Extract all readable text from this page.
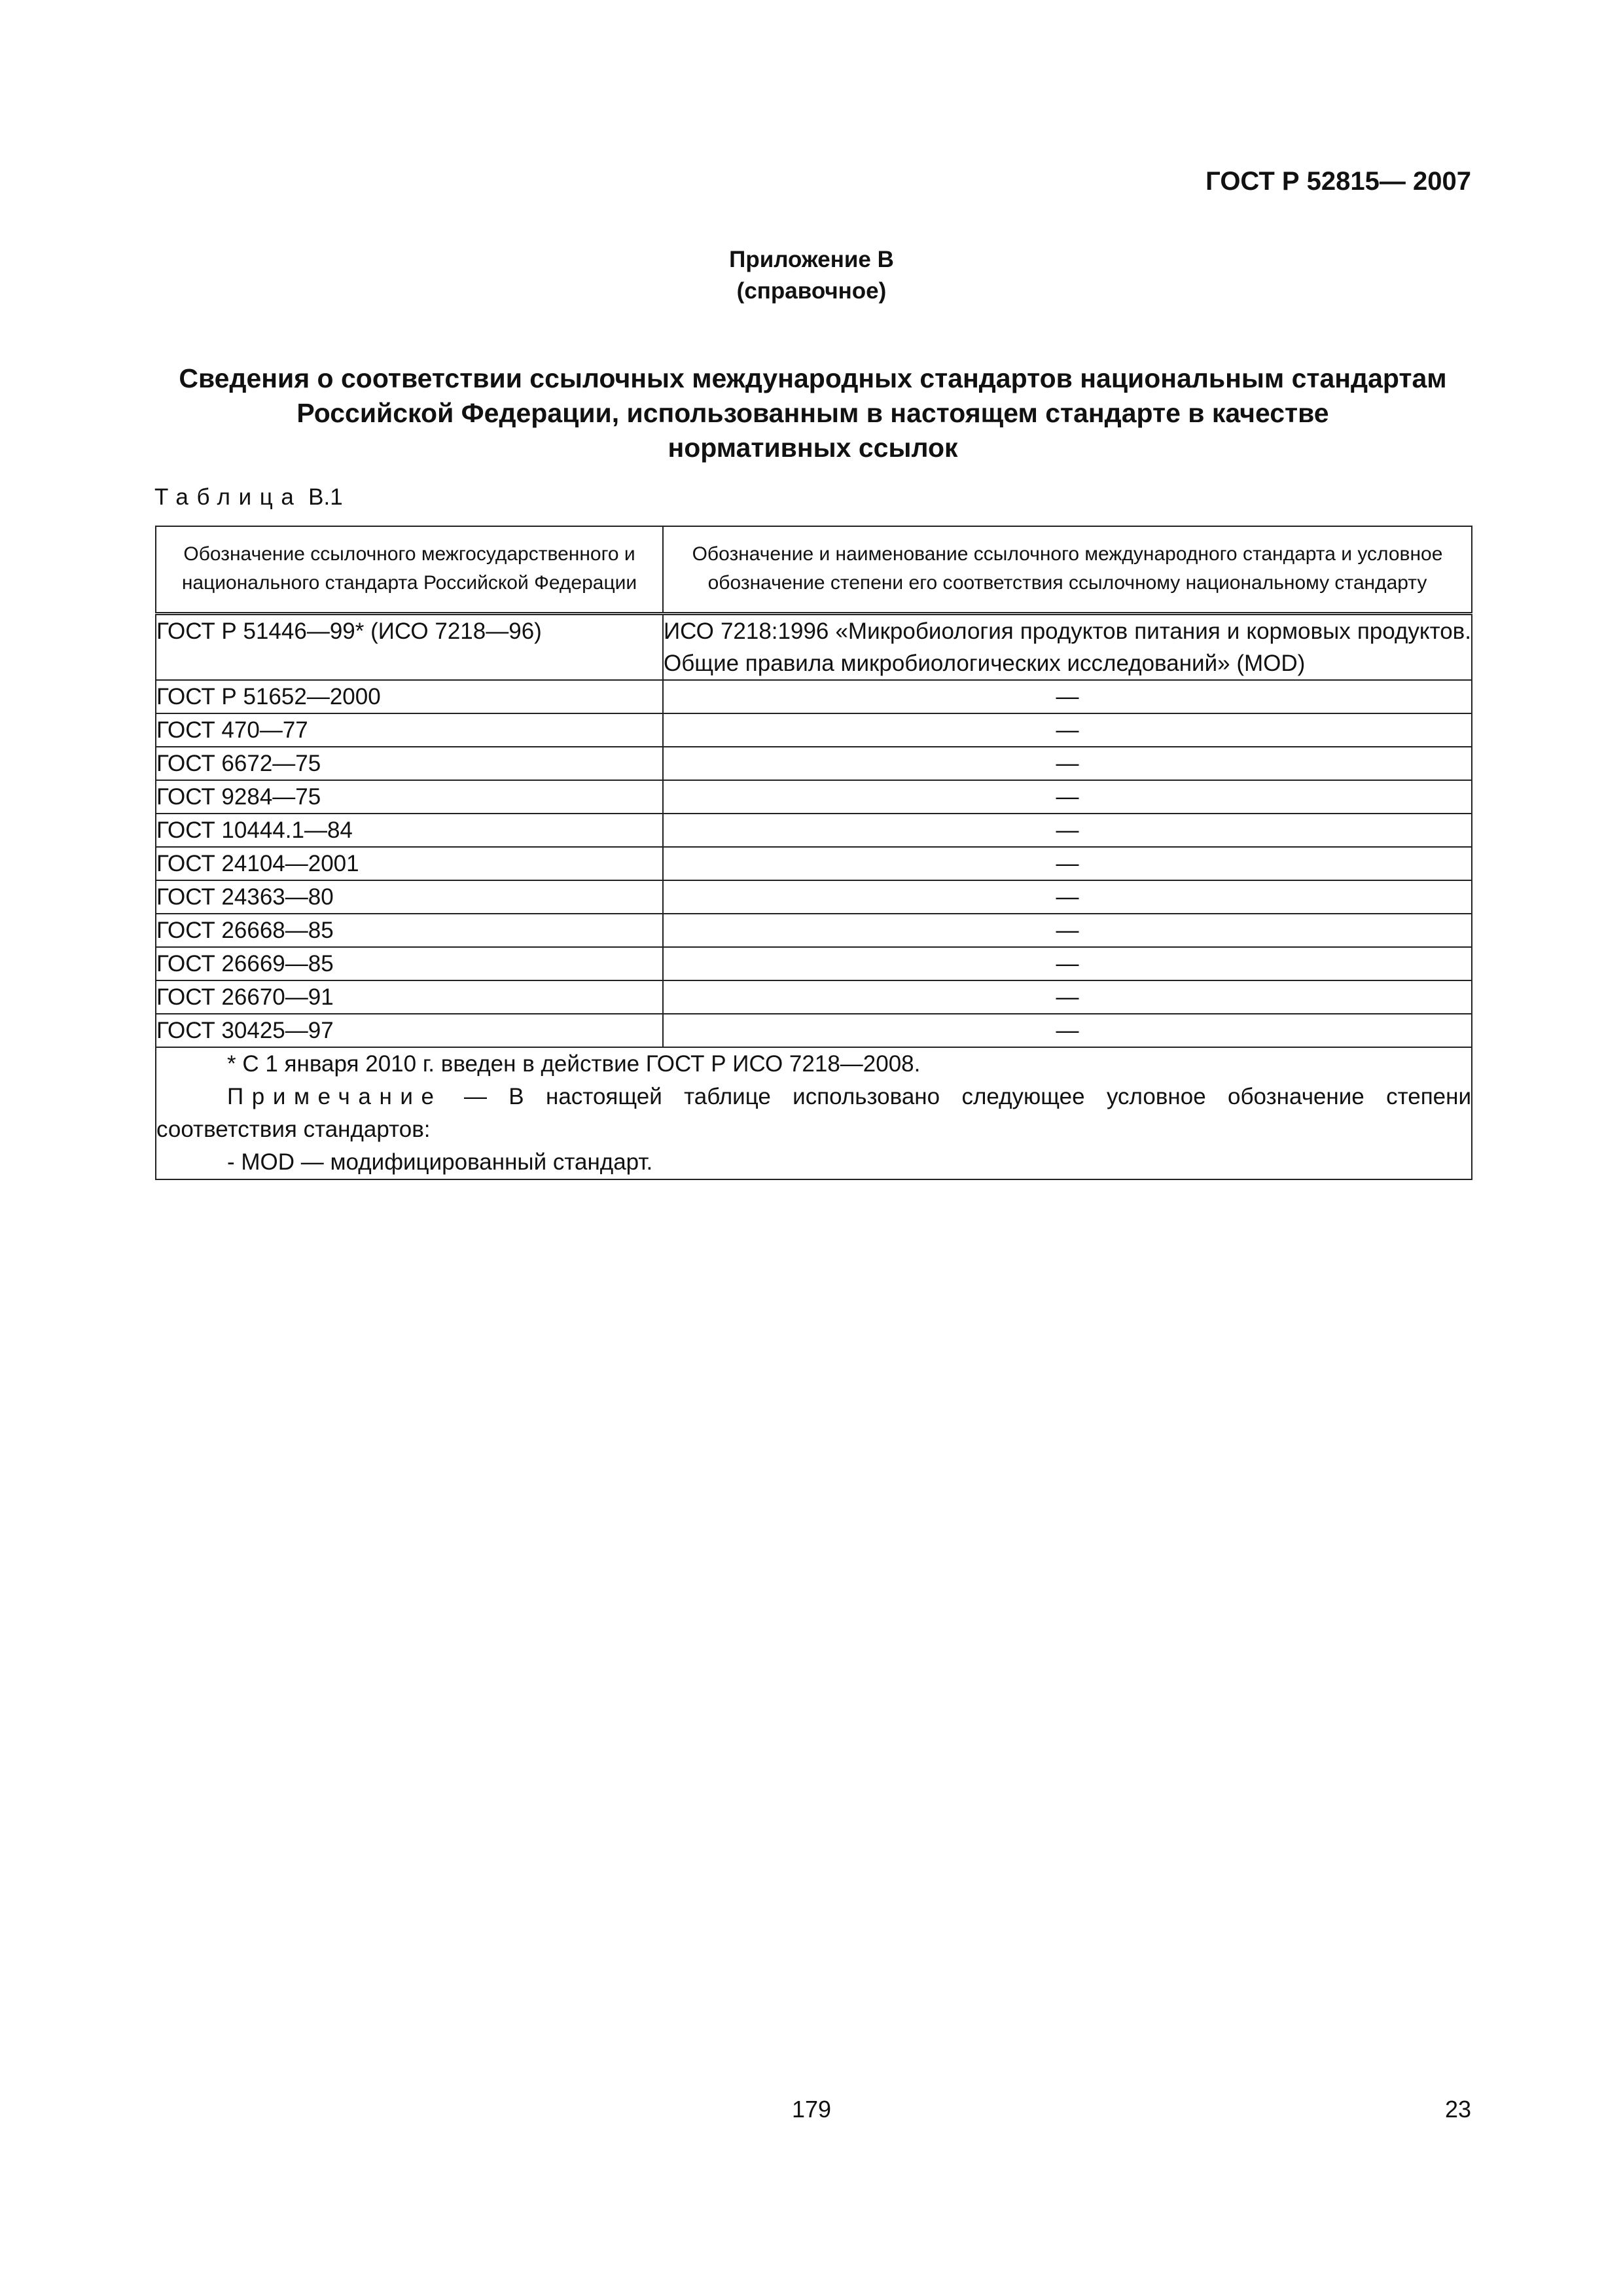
ГОСТ Р 52815— 2007
Приложение В
(справочное)
Сведения о соответствии ссылочных международных стандартов национальным стандартам
Российской Федерации, использованным в настоящем стандарте в качестве
нормативных ссылок
Таблица В.1
Обозначение ссылочного межгосударственного и национального стандарта Российской Федерации	Обозначение и наименование ссылочного международного стандарта и условное обозначение степени его соответствия ссылочному национальному стандарту
ГОСТ Р 51446—99* (ИСО 7218—96)	ИСО 7218:1996 «Микробиология продуктов питания и кормовых продуктов. Общие правила микробиологических исследований» (MOD)
ГОСТ Р 51652—2000	—
ГОСТ 470—77	—
ГОСТ 6672—75	—
ГОСТ 9284—75	—
ГОСТ 10444.1—84	—
ГОСТ 24104—2001	—
ГОСТ 24363—80	—
ГОСТ 26668—85	—
ГОСТ 26669—85	—
ГОСТ 26670—91	—
ГОСТ 30425—97	—

* С 1 января 2010 г. введен в действие ГОСТ Р ИСО 7218—2008.
Примечание — В настоящей таблице использовано следующее условное обозначение степени соответствия стандартов:
- MOD — модифицированный стандарт.	
179	23
